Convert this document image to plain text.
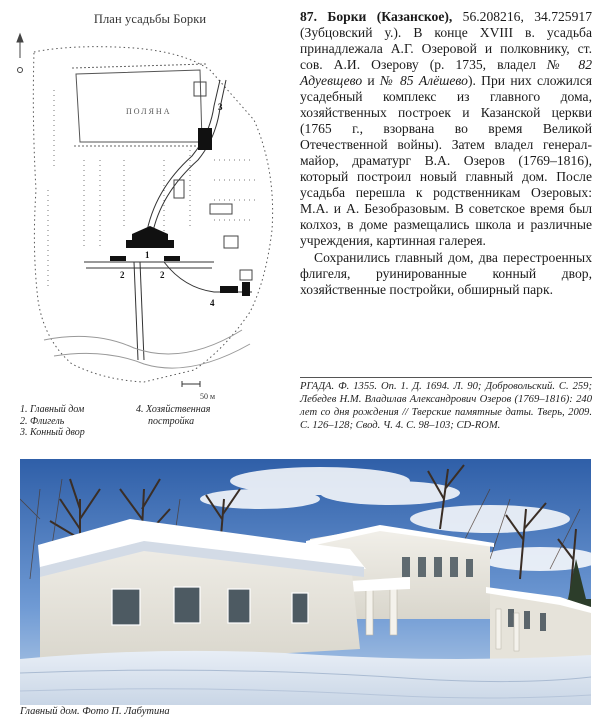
План усадьбы Борки
ПОЛЯНА
1
2	2
3
4
4
50 м
1. Главный дом
2. Флигель
3. Конный двор
4. Хозяйственная
постройка

87. Борки (Казанское), 56.208216, 34.725917 (Зубцовский у.). В конце XVIII в. усадьба принадлежала А.Г. Озеровой и полковнику, ст. сов. А.И. Озерову (р. 1735, владел № 82 Адуевщево и № 85 Алёшево). При них сложился усадебный комплекс из главного дома, хозяйственных построек и Казанской церкви (1765 г., взорвана во время Великой Отечественной войны). Затем владел генерал-майор, драматург В.А. Озеров (1769–1816), который построил новый главный дом. После усадьба перешла к родственникам Озеровых: М.А. и А. Безобразовым. В советское время был колхоз, в доме размещались школа и различные учреждения, картинная галерея.

Сохранились главный дом, два перестроенных флигеля, руинированные конный двор, хозяйственные постройки, обширный парк.

РГАДА. Ф. 1355. Оп. 1. Д. 1694. Л. 90; Добровольский. С. 259; Лебедев Н.М. Владилав Александрович Озеров (1769–1816): 240 лет со дня рождения // Тверские памятные даты. Тверь, 2009. С. 126–128; Свод. Ч. 4. С. 98–103; CD-ROM.
Главный дом. Фото П. Лабутина
